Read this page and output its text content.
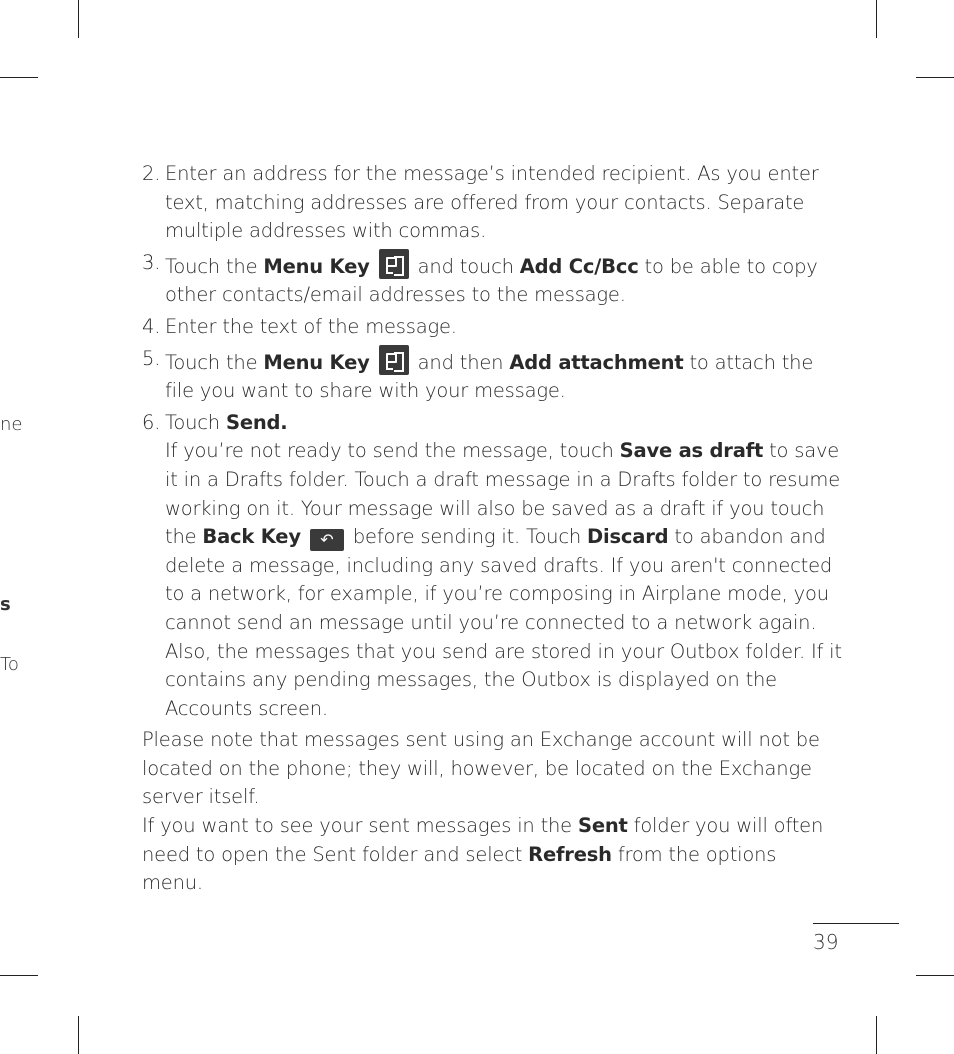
ne
s
To
2. Enter an address for the message’s intended recipient. As you enter text, matching addresses are offered from your contacts. Separate multiple addresses with commas.
3. Touch the Menu Key
and touch Add Cc/Bcc to be able to copy other contacts/email addresses to the message.
4. Enter the text of the message.
5. Touch the Menu Key
and then Add attachment to attach the file you want to share with your message.
6. Touch Send.
If you’re not ready to send the message, touch Save as draft to save it in a Drafts folder. Touch a draft message in a Drafts folder to resume working on it. Your message will also be saved as a draft if you touch the Back Key ↶ before sending it. Touch Discard to abandon and delete a message, including any saved drafts. If you aren't connected to a network, for example, if you’re composing in Airplane mode, you cannot send an message until you’re connected to a network again. Also, the messages that you send are stored in your Outbox folder. If it contains any pending messages, the Outbox is displayed on the Accounts screen.
Please note that messages sent using an Exchange account will not be located on the phone; they will, however, be located on the Exchange server itself.
If you want to see your sent messages in the Sent folder you will often need to open the Sent folder and select Refresh from the options menu.
39
